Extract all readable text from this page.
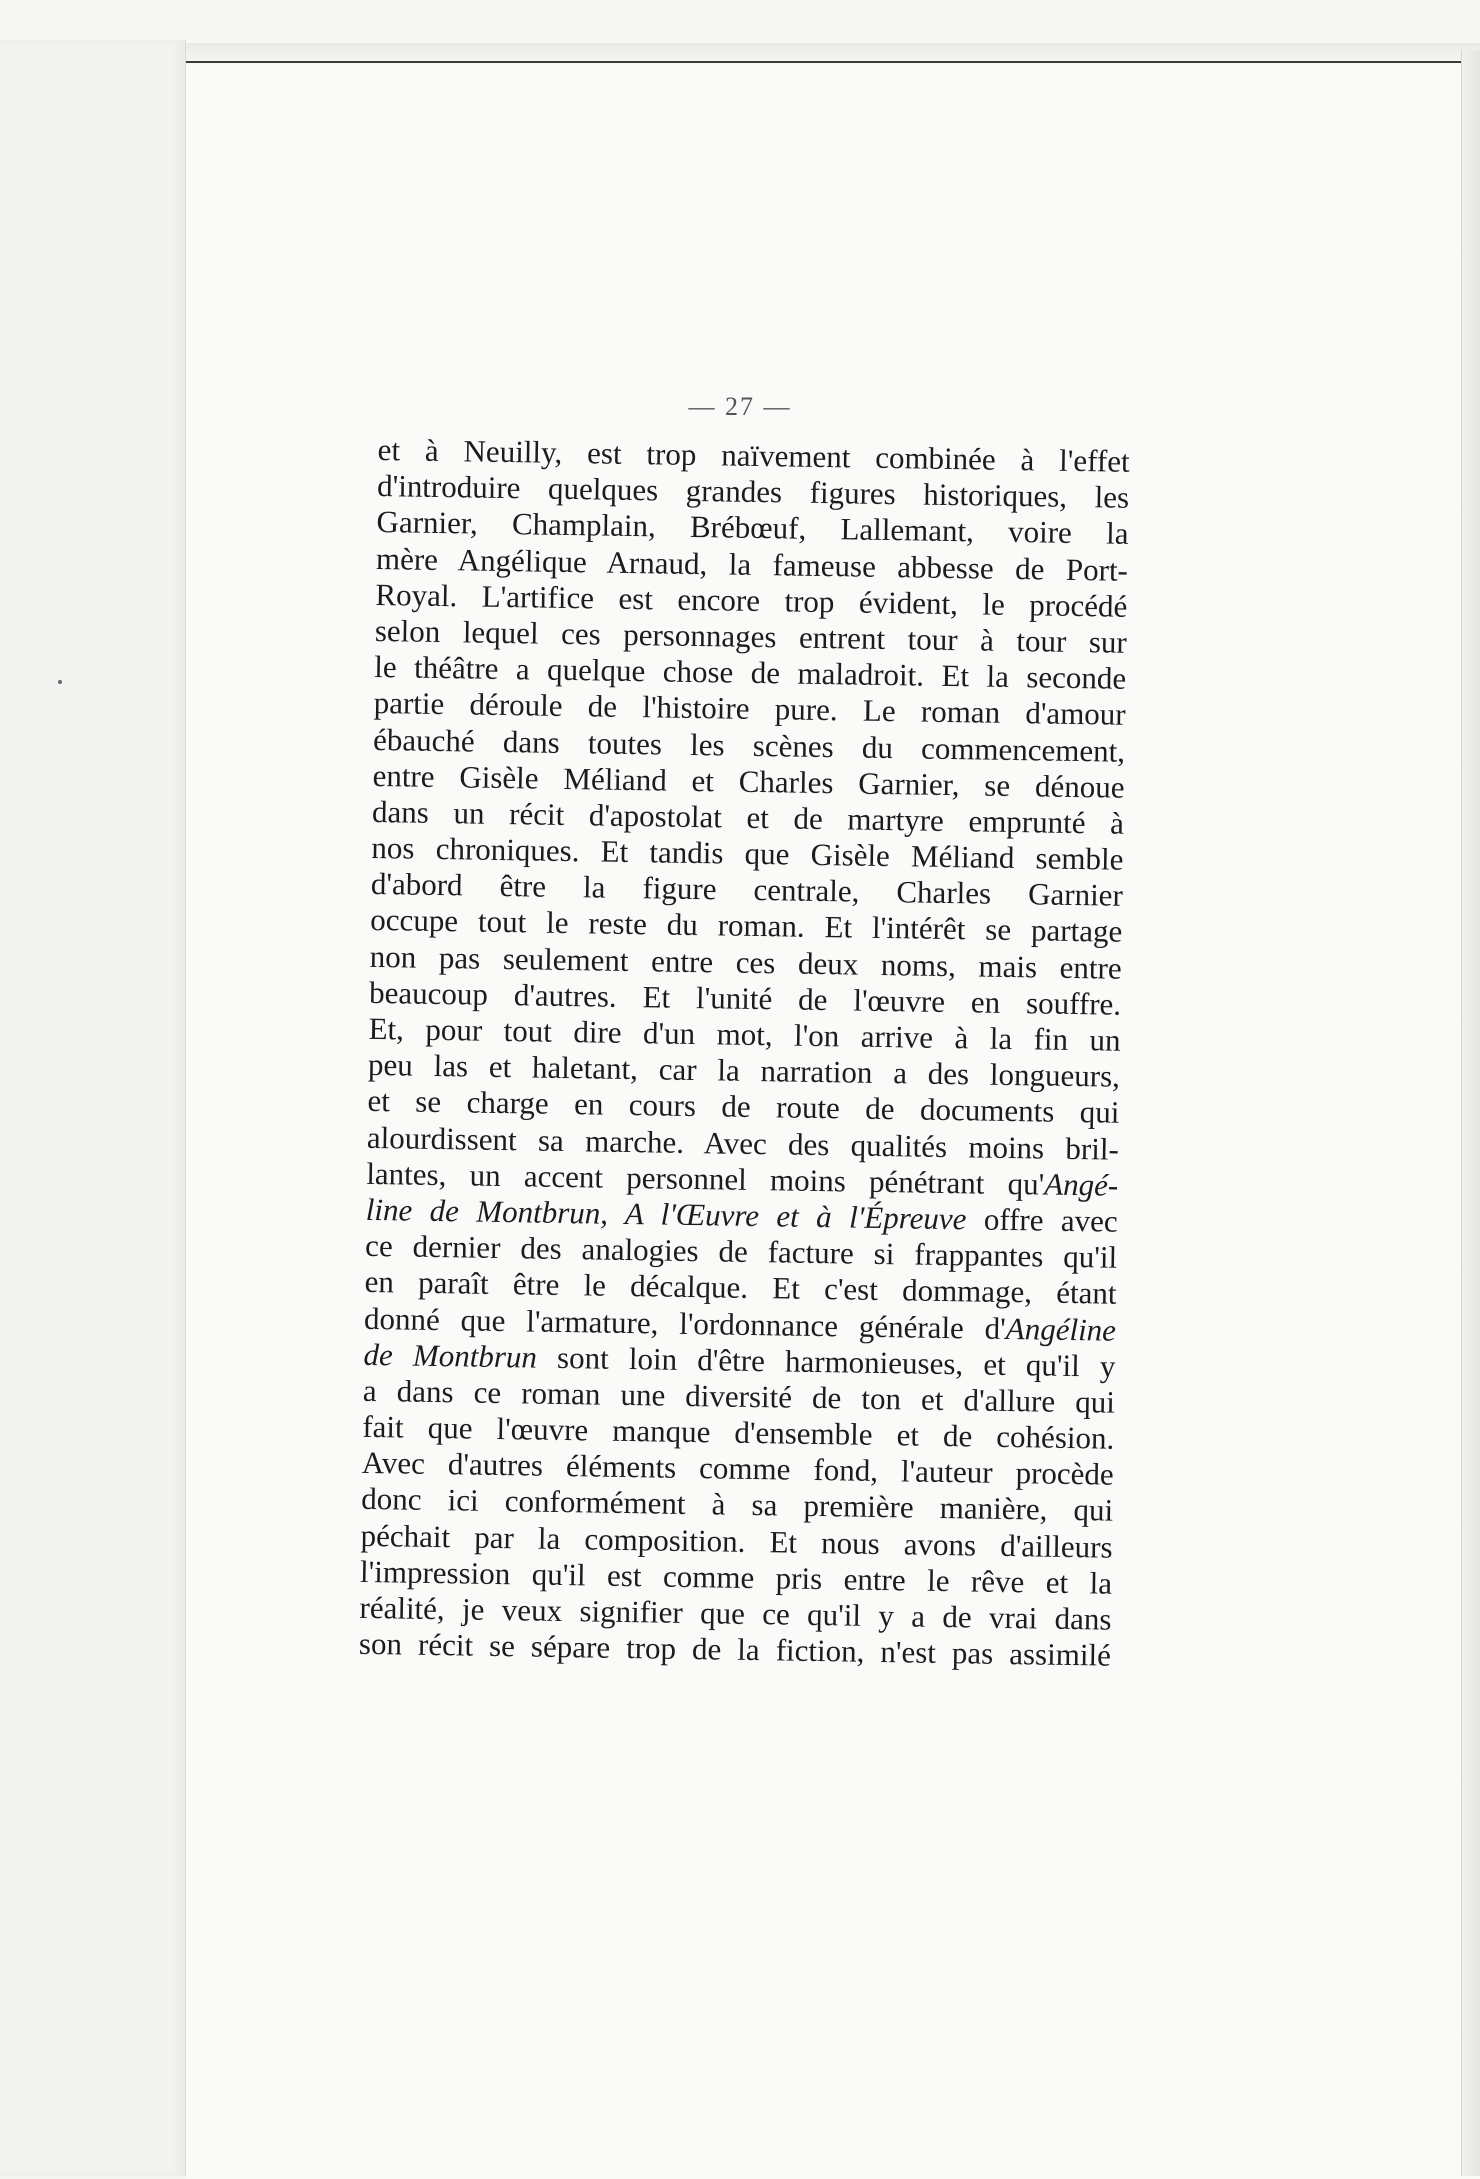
— 27 —
et à Neuilly, est trop naïvement combinée à l'effet
d'introduire quelques grandes figures historiques, les
Garnier, Champlain, Brébœuf, Lallemant, voire la
mère Angélique Arnaud, la fameuse abbesse de Port-
Royal. L'artifice est encore trop évident, le procédé
selon lequel ces personnages entrent tour à tour sur
le théâtre a quelque chose de maladroit. Et la seconde
partie déroule de l'histoire pure. Le roman d'amour
ébauché dans toutes les scènes du commencement,
entre Gisèle Méliand et Charles Garnier, se dénoue
dans un récit d'apostolat et de martyre emprunté à
nos chroniques. Et tandis que Gisèle Méliand semble
d'abord être la figure centrale, Charles Garnier
occupe tout le reste du roman. Et l'intérêt se partage
non pas seulement entre ces deux noms, mais entre
beaucoup d'autres. Et l'unité de l'œuvre en souffre.
Et, pour tout dire d'un mot, l'on arrive à la fin un
peu las et haletant, car la narration a des longueurs,
et se charge en cours de route de documents qui
alourdissent sa marche. Avec des qualités moins bril-
lantes, un accent personnel moins pénétrant qu'Angé-
line de Montbrun, A l'Œuvre et à l'Épreuve offre avec
ce dernier des analogies de facture si frappantes qu'il
en paraît être le décalque. Et c'est dommage, étant
donné que l'armature, l'ordonnance générale d'Angéline
de Montbrun sont loin d'être harmonieuses, et qu'il y
a dans ce roman une diversité de ton et d'allure qui
fait que l'œuvre manque d'ensemble et de cohésion.
Avec d'autres éléments comme fond, l'auteur procède
donc ici conformément à sa première manière, qui
péchait par la composition. Et nous avons d'ailleurs
l'impression qu'il est comme pris entre le rêve et la
réalité, je veux signifier que ce qu'il y a de vrai dans
son récit se sépare trop de la fiction, n'est pas assimilé
